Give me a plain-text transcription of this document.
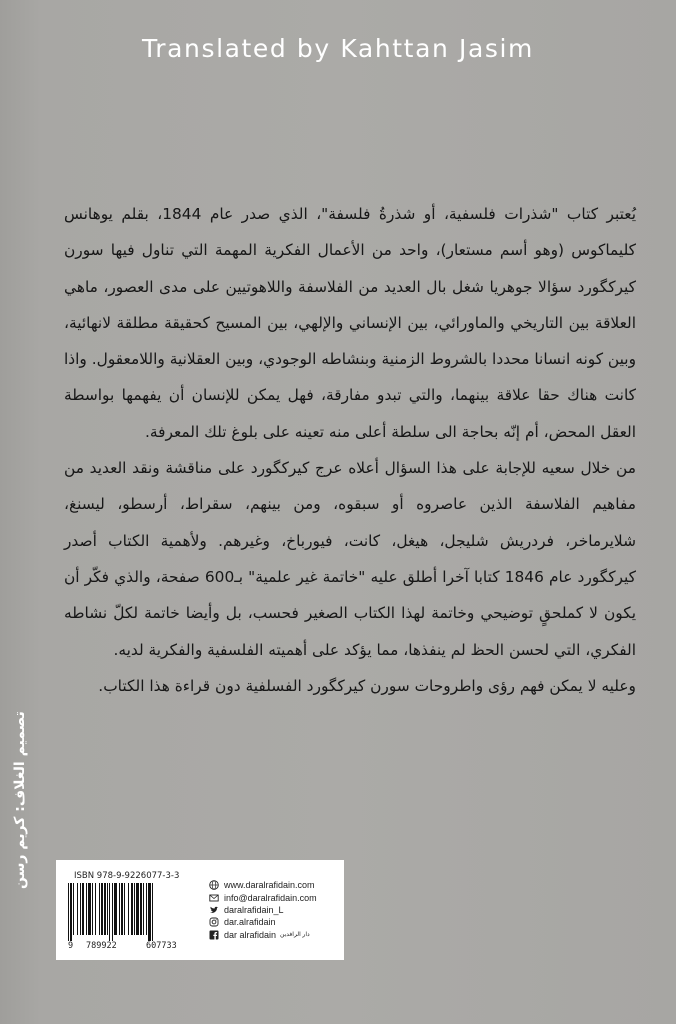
Translated by Kahttan Jasim

يُعتبر كتاب "شذرات فلسفية، أو شذرةُ فلسفة"، الذي صدر عام 1844، بقلم يوهانس كليماكوس (وهو أسم مستعار)، واحد من الأعمال الفكرية المهمة التي تناول فيها سورن كيركگورد سؤالا جوهريا شغل بال العديد من الفلاسفة واللاهوتيين على مدى العصور، ماهي العلاقة بين التاريخي والماورائي، بين الإنساني والإلهي، بين المسيح كحقيقة مطلقة لانهائية، وبين كونه انسانا محددا بالشروط الزمنية وبنشاطه الوجودي، وبين العقلانية واللامعقول. واذا كانت هناك حقا علاقة بينهما، والتي تبدو مفارقة، فهل يمكن للإنسان أن يفهمها بواسطة العقل المحض، أم إنّه بحاجة الى سلطة أعلى منه تعينه على بلوغ تلك المعرفة.

من خلال سعيه للإجابة على هذا السؤال أعلاه عرج كيركگورد على مناقشة ونقد العديد من مفاهيم الفلاسفة الذين عاصروه أو سبقوه، ومن بينهم، سقراط، أرسطو، ليسنغ، شلايرماخر، فردريش شليجل، هيغل، كانت، فيورباخ، وغيرهم. ولأهمية الكتاب أصدر كيركگورد عام 1846 كتابا آخرا أطلق عليه "خاتمة غير علمية" بـ600 صفحة، والذي فكّر أن يكون لا كملحقٍ توضيحي وخاتمة لهذا الكتاب الصغير فحسب، بل وأيضا خاتمة لكلّ نشاطه الفكري، التي لحسن الحظ لم ينفذها، مما يؤكد على أهميته الفلسفية والفكرية لديه.

وعليه لا يمكن فهم رؤى واطروحات سورن كيركگورد الفسلفية دون قراءة هذا الكتاب.

تصميم الغلاف: كريم رسن	ISBN 978-9-9226077-3-3
9 789922	607733
www.daralrafidain.com
info@daralrafidain.com
daralrafidain_L
dar.alrafidain
dar alrafidain دار الرافدين
